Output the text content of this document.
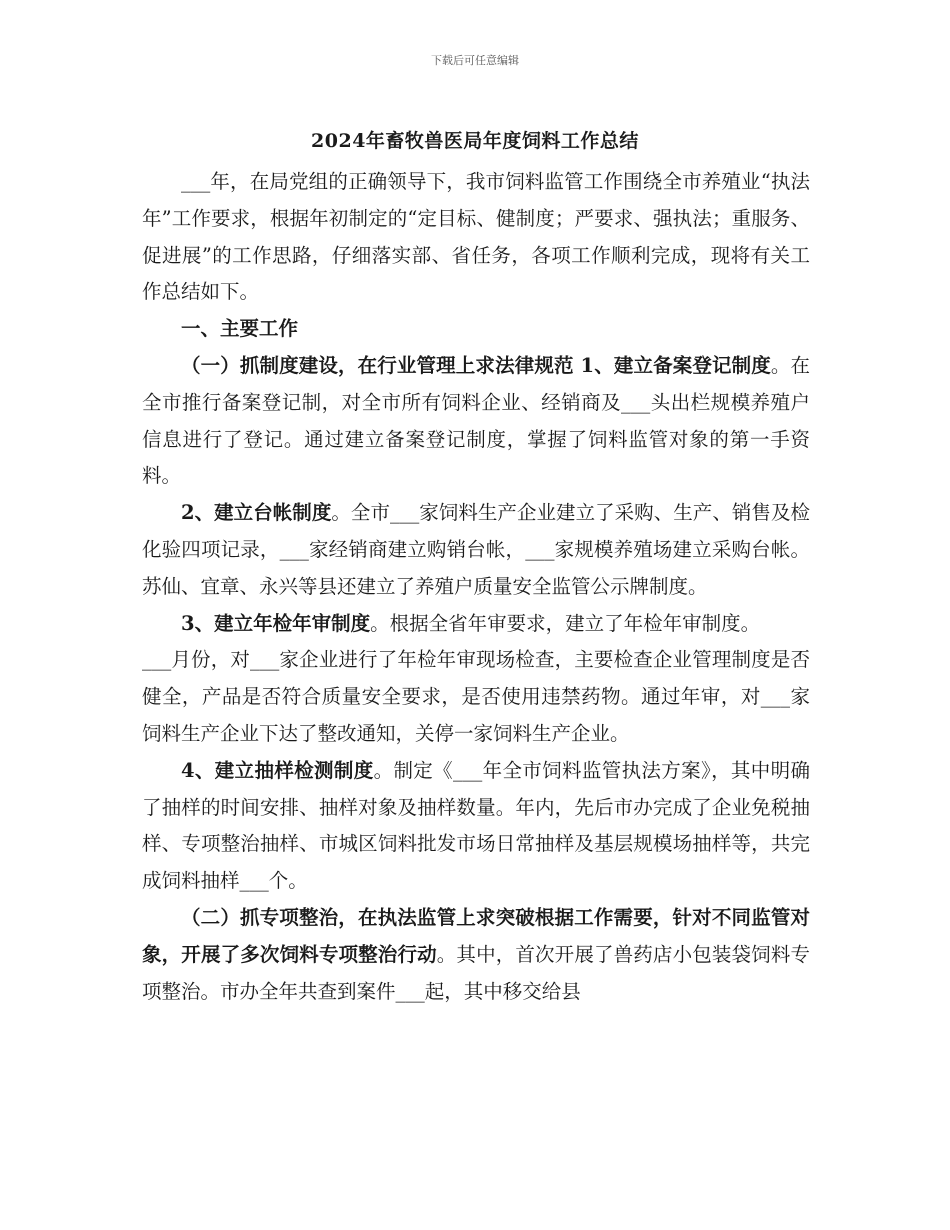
下载后可任意编辑
2024年畜牧兽医局年度饲料工作总结

___年，在局党组的正确领导下，我市饲料监管工作围绕全市养殖业“执法年”工作要求，根据年初制定的“定目标、健制度；严要求、强执法；重服务、促进展”的工作思路，仔细落实部、省任务，各项工作顺利完成，现将有关工作总结如下。

一、主要工作

（一）抓制度建设，在行业管理上求法律规范 1、建立备案登记制度。在全市推行备案登记制，对全市所有饲料企业、经销商及___头出栏规模养殖户信息进行了登记。通过建立备案登记制度，掌握了饲料监管对象的第一手资料。

2、建立台帐制度。全市___家饲料生产企业建立了采购、生产、销售及检化验四项记录，___家经销商建立购销台帐，___家规模养殖场建立采购台帐。苏仙、宜章、永兴等县还建立了养殖户质量安全监管公示牌制度。

3、建立年检年审制度。根据全省年审要求，建立了年检年审制度。

___月份，对___家企业进行了年检年审现场检查，主要检查企业管理制度是否健全，产品是否符合质量安全要求，是否使用违禁药物。通过年审，对___家饲料生产企业下达了整改通知，关停一家饲料生产企业。

4、建立抽样检测制度。制定《___年全市饲料监管执法方案》，其中明确了抽样的时间安排、抽样对象及抽样数量。年内，先后市办完成了企业免税抽样、专项整治抽样、市城区饲料批发市场日常抽样及基层规模场抽样等，共完成饲料抽样___个。

（二）抓专项整治，在执法监管上求突破根据工作需要，针对不同监管对象，开展了多次饲料专项整治行动。其中，首次开展了兽药店小包装袋饲料专项整治。市办全年共查到案件___起，其中移交给县
